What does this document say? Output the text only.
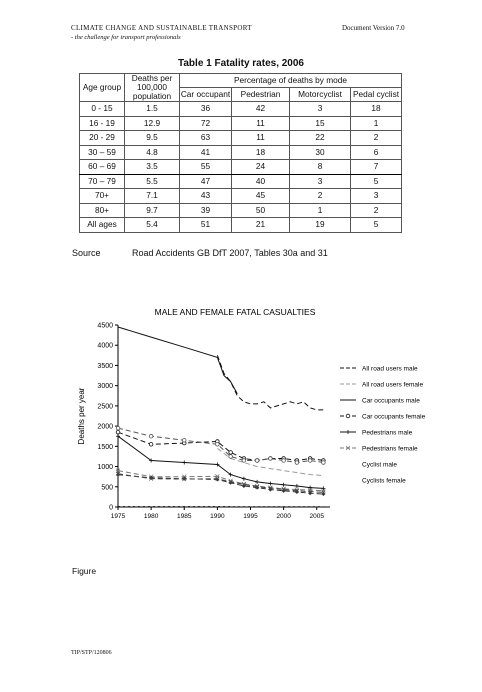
CLIMATE CHANGE AND SUSTAINABLE TRANSPORT
- the challenge for transport professionals
Document Version 7.0
Table 1 Fatality rates, 2006
Age group	Deaths per 100,000 population	Percentage of deaths by mode			
		Car occupant	Pedestrian	Motorcyclist	Pedal cyclist
0 - 15	1.5	36	42	3	18
16 - 19	12.9	72	11	15	1
20 - 29	9.5	63	11	22	2
30 – 59	4.8	41	18	30	6
60 – 69	3.5	55	24	8	7
70 – 79	5.5	47	40	3	5
70+	7.1	43	45	2	3
80+	9.7	39	50	1	2
All ages	5.4	51	21	19	5
Source	Road Accidents GB DfT 2007, Tables 30a and 31
MALE AND FEMALE FATAL CASUALTIES
0
500
1000
1500
2000
2500
3000
3500
4000
4500
1975	1980	1985	1990	1995	2000	2005
Deaths per year
All road users male
All road users female
Car occupants male
Car occupants female
Pedestrians male
Pedestrians female
Cyclist male
Cyclists female
Figure
TIP/STP/120806
